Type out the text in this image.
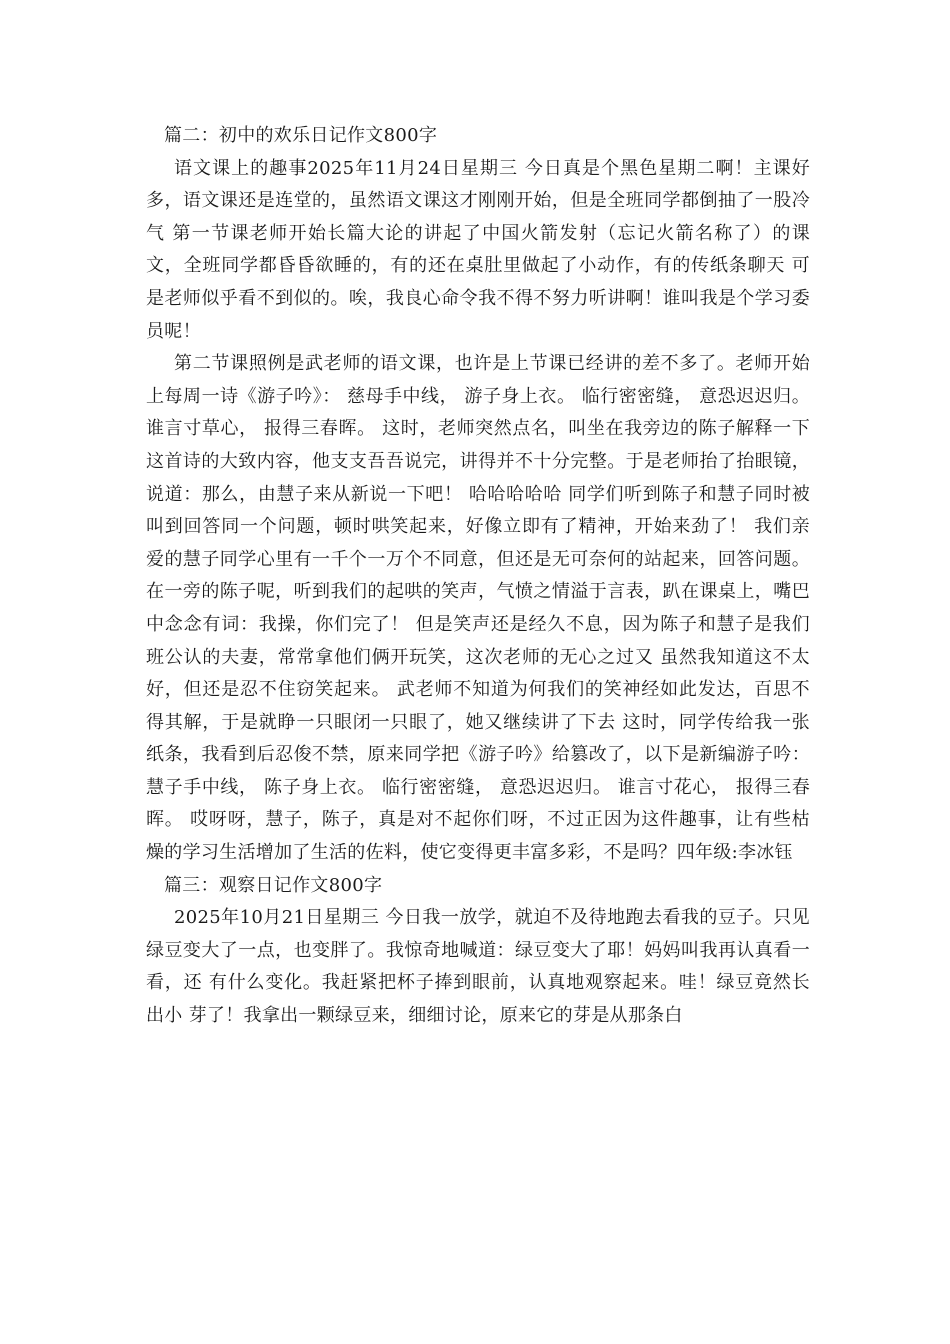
篇二：初中的欢乐日记作文800字

语文课上的趣事2025年11月24日星期三 今日真是个黑色星期二啊！主课好多，语文课还是连堂的，虽然语文课这才刚刚开始，但是全班同学都倒抽了一股冷气 第一节课老师开始长篇大论的讲起了中国火箭发射（忘记火箭名称了）的课文，全班同学都昏昏欲睡的，有的还在桌肚里做起了小动作，有的传纸条聊天 可是老师似乎看不到似的。唉，我良心命令我不得不努力听讲啊！谁叫我是个学习委员呢！

第二节课照例是武老师的语文课，也许是上节课已经讲的差不多了。老师开始上每周一诗《游子吟》： 慈母手中线， 游子身上衣。 临行密密缝， 意恐迟迟归。 谁言寸草心， 报得三春晖。 这时，老师突然点名，叫坐在我旁边的陈子解释一下这首诗的大致内容，他支支吾吾说完，讲得并不十分完整。于是老师抬了抬眼镜，说道：那么，由慧子来从新说一下吧！ 哈哈哈哈哈 同学们听到陈子和慧子同时被叫到回答同一个问题，顿时哄笑起来，好像立即有了精神，开始来劲了！ 我们亲爱的慧子同学心里有一千个一万个不同意，但还是无可奈何的站起来，回答问题。在一旁的陈子呢，听到我们的起哄的笑声，气愤之情溢于言表，趴在课桌上，嘴巴中念念有词：我操，你们完了！ 但是笑声还是经久不息，因为陈子和慧子是我们班公认的夫妻，常常拿他们俩开玩笑，这次老师的无心之过又 虽然我知道这不太好，但还是忍不住窃笑起来。 武老师不知道为何我们的笑神经如此发达，百思不得其解，于是就睁一只眼闭一只眼了，她又继续讲了下去 这时，同学传给我一张纸条，我看到后忍俊不禁，原来同学把《游子吟》给篡改了，以下是新编游子吟： 慧子手中线， 陈子身上衣。 临行密密缝， 意恐迟迟归。 谁言寸花心， 报得三春晖。 哎呀呀，慧子，陈子，真是对不起你们呀，不过正因为这件趣事，让有些枯燥的学习生活增加了生活的佐料，使它变得更丰富多彩，不是吗？四年级:李冰钰

篇三：观察日记作文800字

2025年10月21日星期三 今日我一放学，就迫不及待地跑去看我的豆子。只见绿豆变大了一点，也变胖了。我惊奇地喊道：绿豆变大了耶！妈妈叫我再认真看一看，还 有什么变化。我赶紧把杯子捧到眼前，认真地观察起来。哇！绿豆竟然长出小 芽了！我拿出一颗绿豆来，细细讨论，原来它的芽是从那条白
